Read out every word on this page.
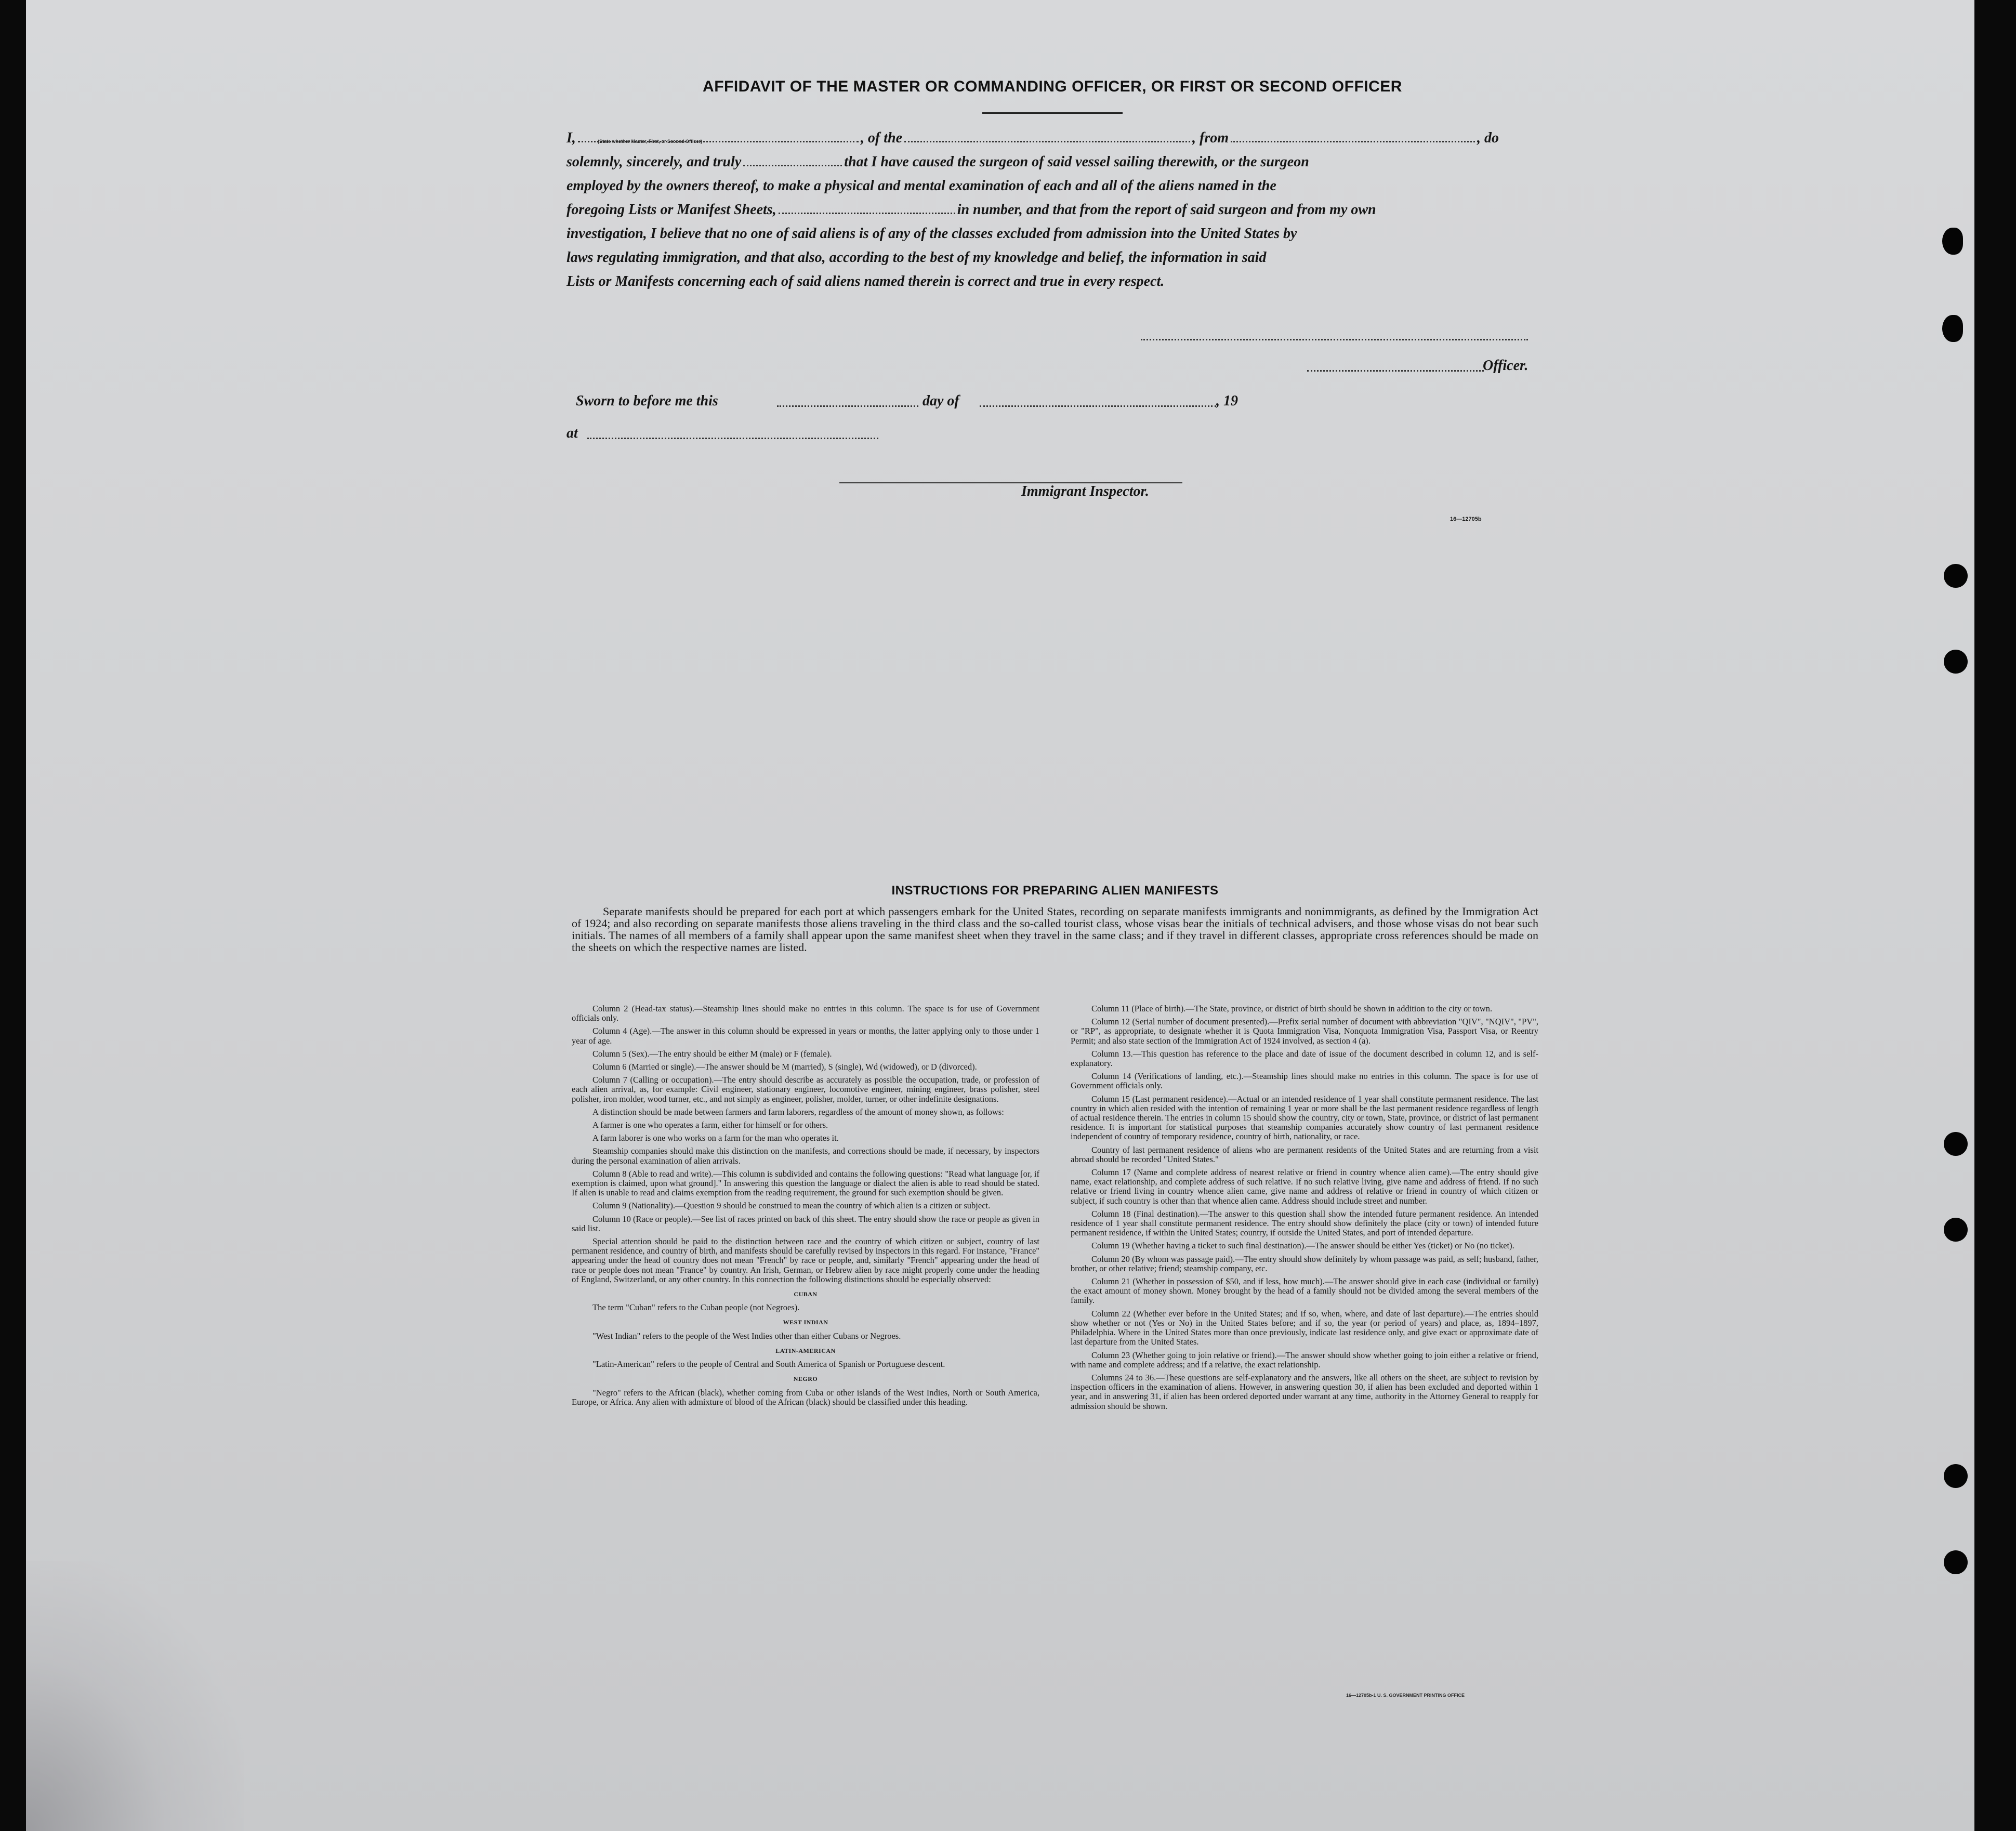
AFFIDAVIT OF THE MASTER OR COMMANDING OFFICER, OR FIRST OR SECOND OFFICER
I,	, of the	, from	, do
(State whether Master, First, or Second Officer)
solemnly, sincerely, and truly	that I have caused the surgeon of said vessel sailing therewith, or the surgeon
employed by the owners thereof, to make a physical and mental examination of each and all of the aliens named in the
foregoing Lists or Manifest Sheets,	in number, and that from the report of said surgeon and from my own
investigation, I believe that no one of said aliens is of any of the classes excluded from admission into the United States by
laws regulating immigration, and that also, according to the best of my knowledge and belief, the information in said
Lists or Manifests concerning each of said aliens named therein is correct and true in every respect.
Officer.
Sworn to before me this	day of	, 19
at
Immigrant Inspector.
16—12705b
INSTRUCTIONS FOR PREPARING ALIEN MANIFESTS
Separate manifests should be prepared for each port at which passengers embark for the United States, recording on separate manifests immigrants and nonimmigrants, as defined by the Immigration Act of 1924; and also recording on separate manifests those aliens traveling in the third class and the so-called tourist class, whose visas bear the initials of technical advisers, and those whose visas do not bear such initials. The names of all members of a family shall appear upon the same manifest sheet when they travel in the same class; and if they travel in different classes, appropriate cross references should be made on the sheets on which the respective names are listed.

Column 2 (Head-tax status).—Steamship lines should make no entries in this column. The space is for use of Government officials only.

Column 4 (Age).—The answer in this column should be expressed in years or months, the latter applying only to those under 1 year of age.

Column 5 (Sex).—The entry should be either M (male) or F (female).

Column 6 (Married or single).—The answer should be M (married), S (single), Wd (widowed), or D (divorced).

Column 7 (Calling or occupation).—The entry should describe as accurately as possible the occupation, trade, or profession of each alien arrival, as, for example: Civil engineer, stationary engineer, locomotive engineer, mining engineer, brass polisher, steel polisher, iron molder, wood turner, etc., and not simply as engineer, polisher, molder, turner, or other indefinite designations.

A distinction should be made between farmers and farm laborers, regardless of the amount of money shown, as follows:

A farmer is one who operates a farm, either for himself or for others.

A farm laborer is one who works on a farm for the man who operates it.

Steamship companies should make this distinction on the manifests, and corrections should be made, if necessary, by inspectors during the personal examination of alien arrivals.

Column 8 (Able to read and write).—This column is subdivided and contains the following questions: "Read what language [or, if exemption is claimed, upon what ground]." In answering this question the language or dialect the alien is able to read should be stated. If alien is unable to read and claims exemption from the reading requirement, the ground for such exemption should be given.

Column 9 (Nationality).—Question 9 should be construed to mean the country of which alien is a citizen or subject.

Column 10 (Race or people).—See list of races printed on back of this sheet. The entry should show the race or people as given in said list.

Special attention should be paid to the distinction between race and the country of which citizen or subject, country of last permanent residence, and country of birth, and manifests should be carefully revised by inspectors in this regard. For instance, "France" appearing under the head of country does not mean "French" by race or people, and, similarly "French" appearing under the head of race or people does not mean "France" by country. An Irish, German, or Hebrew alien by race might properly come under the heading of England, Switzerland, or any other country. In this connection the following distinctions should be especially observed:

CUBAN

The term "Cuban" refers to the Cuban people (not Negroes).

WEST INDIAN

"West Indian" refers to the people of the West Indies other than either Cubans or Negroes.

LATIN-AMERICAN

"Latin-American" refers to the people of Central and South America of Spanish or Portuguese descent.

NEGRO

"Negro" refers to the African (black), whether coming from Cuba or other islands of the West Indies, North or South America, Europe, or Africa. Any alien with admixture of blood of the African (black) should be classified under this heading.

Column 11 (Place of birth).—The State, province, or district of birth should be shown in addition to the city or town.

Column 12 (Serial number of document presented).—Prefix serial number of document with abbreviation "QIV", "NQIV", "PV", or "RP", as appropriate, to designate whether it is Quota Immigration Visa, Nonquota Immigration Visa, Passport Visa, or Reentry Permit; and also state section of the Immigration Act of 1924 involved, as section 4 (a).

Column 13.—This question has reference to the place and date of issue of the document described in column 12, and is self-explanatory.

Column 14 (Verifications of landing, etc.).—Steamship lines should make no entries in this column. The space is for use of Government officials only.

Column 15 (Last permanent residence).—Actual or an intended residence of 1 year shall constitute permanent residence. The last country in which alien resided with the intention of remaining 1 year or more shall be the last permanent residence regardless of length of actual residence therein. The entries in column 15 should show the country, city or town, State, province, or district of last permanent residence. It is important for statistical purposes that steamship companies accurately show country of last permanent residence independent of country of temporary residence, country of birth, nationality, or race.

Country of last permanent residence of aliens who are permanent residents of the United States and are returning from a visit abroad should be recorded "United States."

Column 17 (Name and complete address of nearest relative or friend in country whence alien came).—The entry should give name, exact relationship, and complete address of such relative. If no such relative living, give name and address of friend. If no such relative or friend living in country whence alien came, give name and address of relative or friend in country of which citizen or subject, if such country is other than that whence alien came. Address should include street and number.

Column 18 (Final destination).—The answer to this question shall show the intended future permanent residence. An intended residence of 1 year shall constitute permanent residence. The entry should show definitely the place (city or town) of intended future permanent residence, if within the United States; country, if outside the United States, and port of intended departure.

Column 19 (Whether having a ticket to such final destination).—The answer should be either Yes (ticket) or No (no ticket).

Column 20 (By whom was passage paid).—The entry should show definitely by whom passage was paid, as self; husband, father, brother, or other relative; friend; steamship company, etc.

Column 21 (Whether in possession of $50, and if less, how much).—The answer should give in each case (individual or family) the exact amount of money shown. Money brought by the head of a family should not be divided among the several members of the family.

Column 22 (Whether ever before in the United States; and if so, when, where, and date of last departure).—The entries should show whether or not (Yes or No) in the United States before; and if so, the year (or period of years) and place, as, 1894–1897, Philadelphia. Where in the United States more than once previously, indicate last residence only, and give exact or approximate date of last departure from the United States.

Column 23 (Whether going to join relative or friend).—The answer should show whether going to join either a relative or friend, with name and complete address; and if a relative, the exact relationship.

Columns 24 to 36.—These questions are self-explanatory and the answers, like all others on the sheet, are subject to revision by inspection officers in the examination of aliens. However, in answering question 30, if alien has been excluded and deported within 1 year, and in answering 31, if alien has been ordered deported under warrant at any time, authority in the Attorney General to reapply for admission should be shown.

16—12705b-1 U. S. GOVERNMENT PRINTING OFFICE
